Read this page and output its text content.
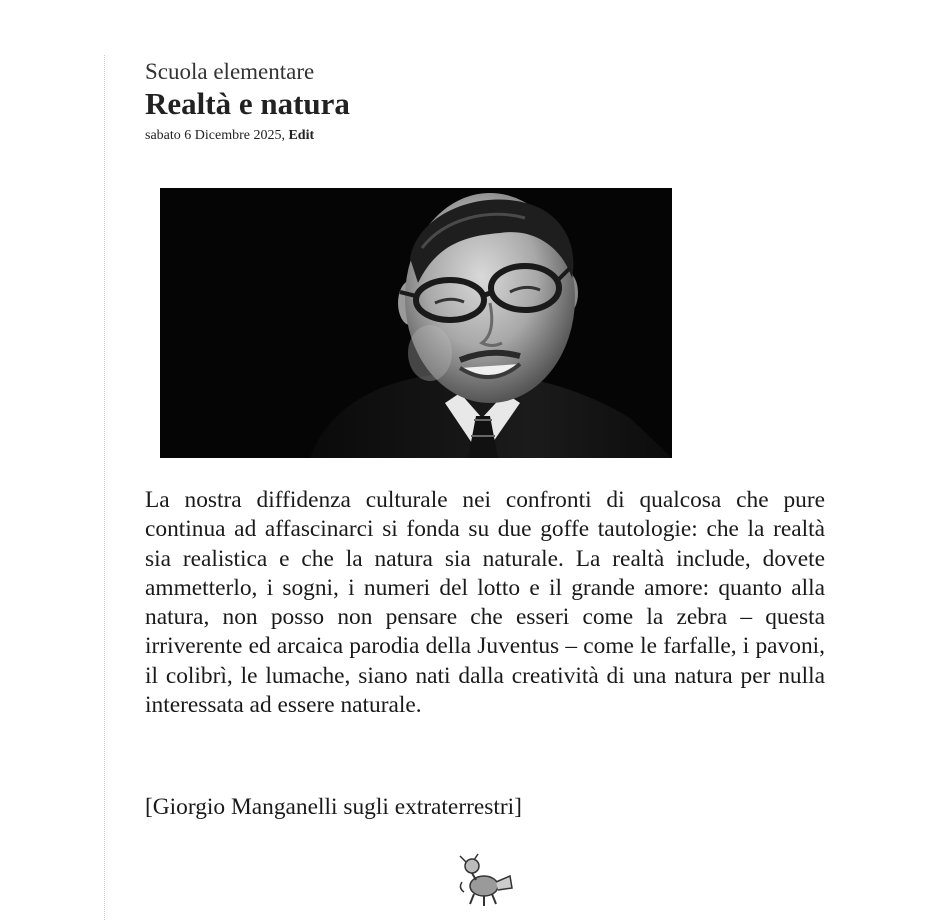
Scuola elementare
Realtà e natura
sabato 6 Dicembre 2025, Edit

La nostra diffidenza culturale nei confronti di qualcosa che pure continua ad affascinarci si fonda su due goffe tautologie: che la realtà sia realistica e che la natura sia naturale. La realtà include, dovete ammetterlo, i sogni, i numeri del lotto e il grande amore: quanto alla natura, non posso non pensare che esseri come la zebra – questa irriverente ed arcaica parodia della Juventus – come le farfalle, i pavoni, il colibrì, le lumache, siano nati dalla creatività di una natura per nulla interessata ad essere naturale.

[Giorgio Manganelli sugli extraterrestri]
